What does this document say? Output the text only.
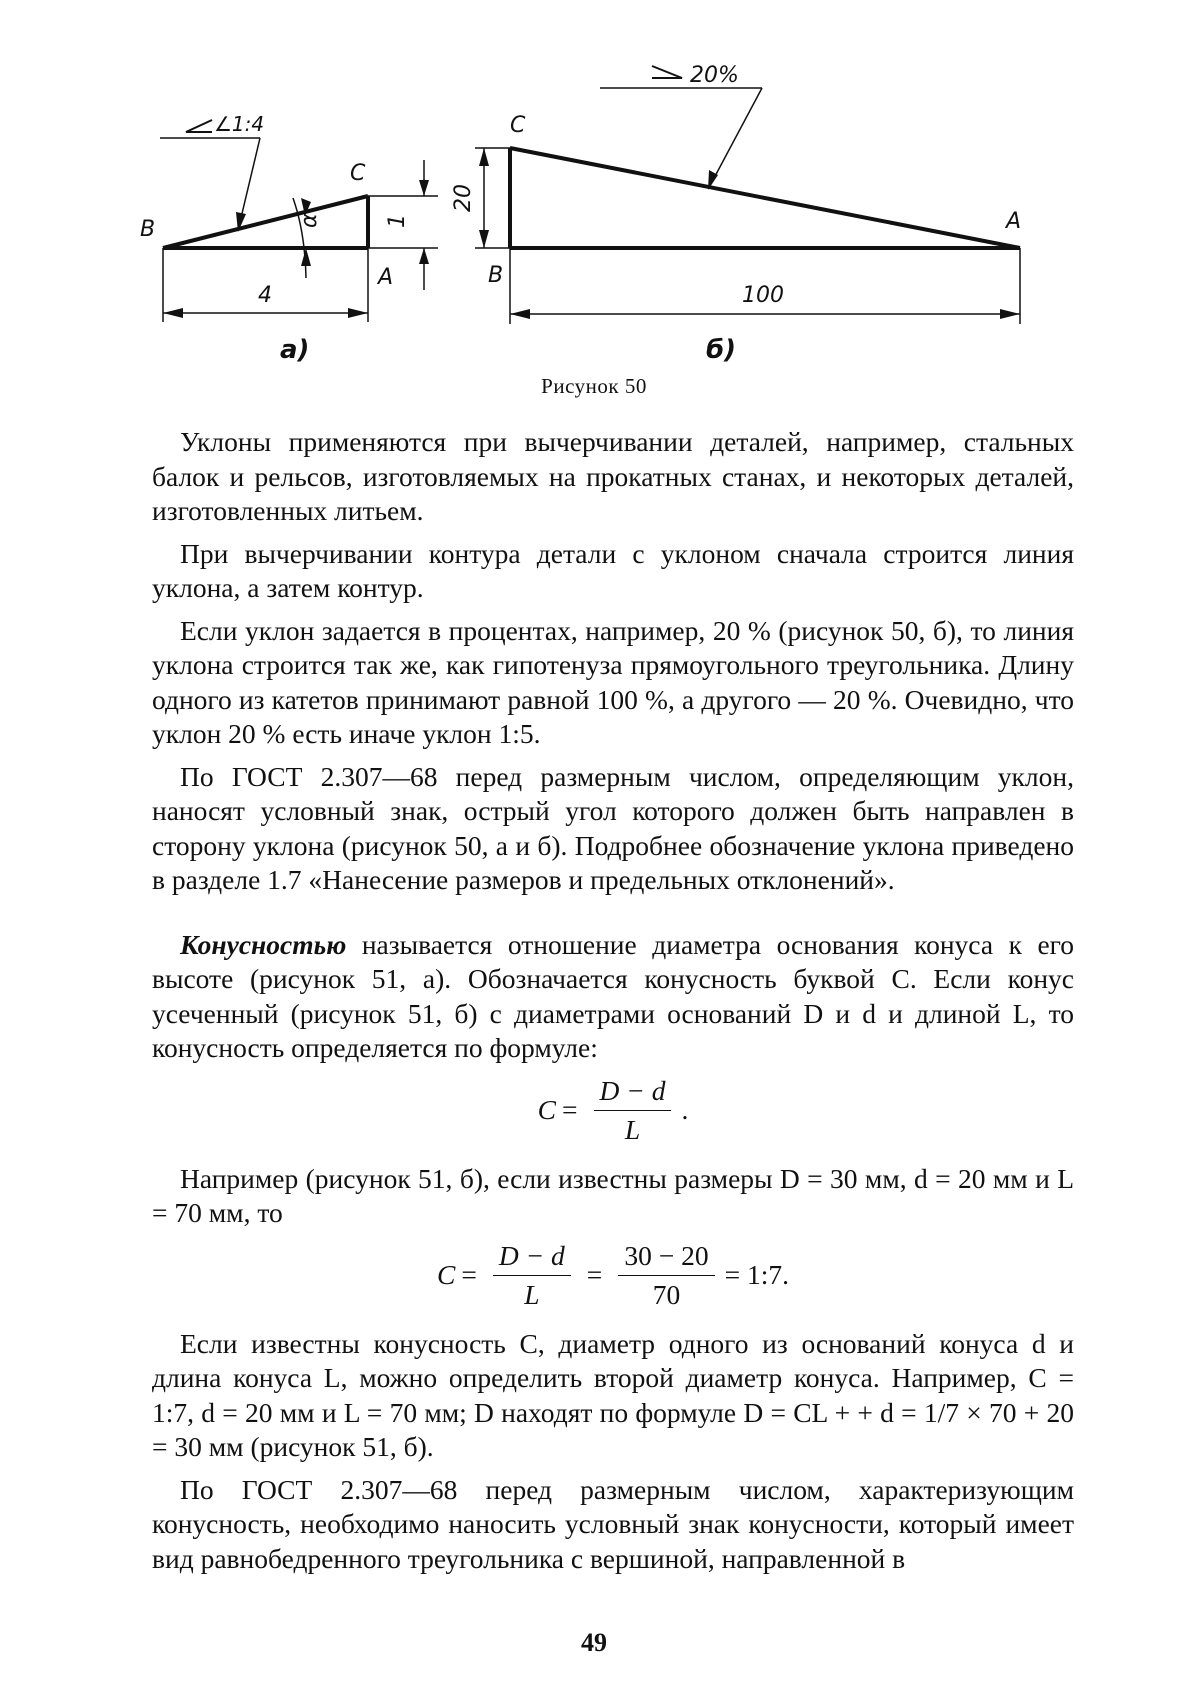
∠1:4
B
C
A
α	1
4
а)
20%
C
B
A
20
100
б)
Рисунок 50

Уклоны применяются при вычерчивании деталей, например, стальных балок и рельсов, изготовляемых на прокатных станах, и некоторых деталей, изготовленных литьем.

При вычерчивании контура детали с уклоном сначала строится линия уклона, а затем контур.

Если уклон задается в процентах, например, 20 % (рисунок 50, б), то линия уклона строится так же, как гипотенуза прямоугольного треугольника. Длину одного из катетов принимают равной 100 %, а другого — 20 %. Очевидно, что уклон 20 % есть иначе уклон 1:5.

По ГОСТ 2.307—68 перед размерным числом, определяющим уклон, наносят условный знак, острый угол которого должен быть направлен в сторону уклона (рисунок 50, а и б). Подробнее обозначение уклона приведено в разделе 1.7 «Нанесение размеров и предельных отклонений».

Конусностью называется отношение диаметра основания конуса к его высоте (рисунок 51, а). Обозначается конусность буквой C. Если конус усеченный (рисунок 51, б) с диаметрами оснований D и d и длиной L, то конусность определяется по формуле:

$C = \frac{D - d}{L}$ .

Например (рисунок 51, б), если известны размеры D = 30 мм, d = 20 мм и L = 70 мм, то

$C = \frac{D - d}{L} = \frac{30 - 20}{70}$ = 1:7.

Если известны конусность C, диаметр одного из оснований конуса d и длина конуса L, можно определить второй диаметр конуса. Например, C = 1:7, d = 20 мм и L = 70 мм; D находят по формуле D = CL + + d = 1/7 × 70 + 20 = 30 мм (рисунок 51, б).

По ГОСТ 2.307—68 перед размерным числом, характеризующим конусность, необходимо наносить условный знак конусности, который имеет вид равнобедренного треугольника с вершиной, направленной в

49
